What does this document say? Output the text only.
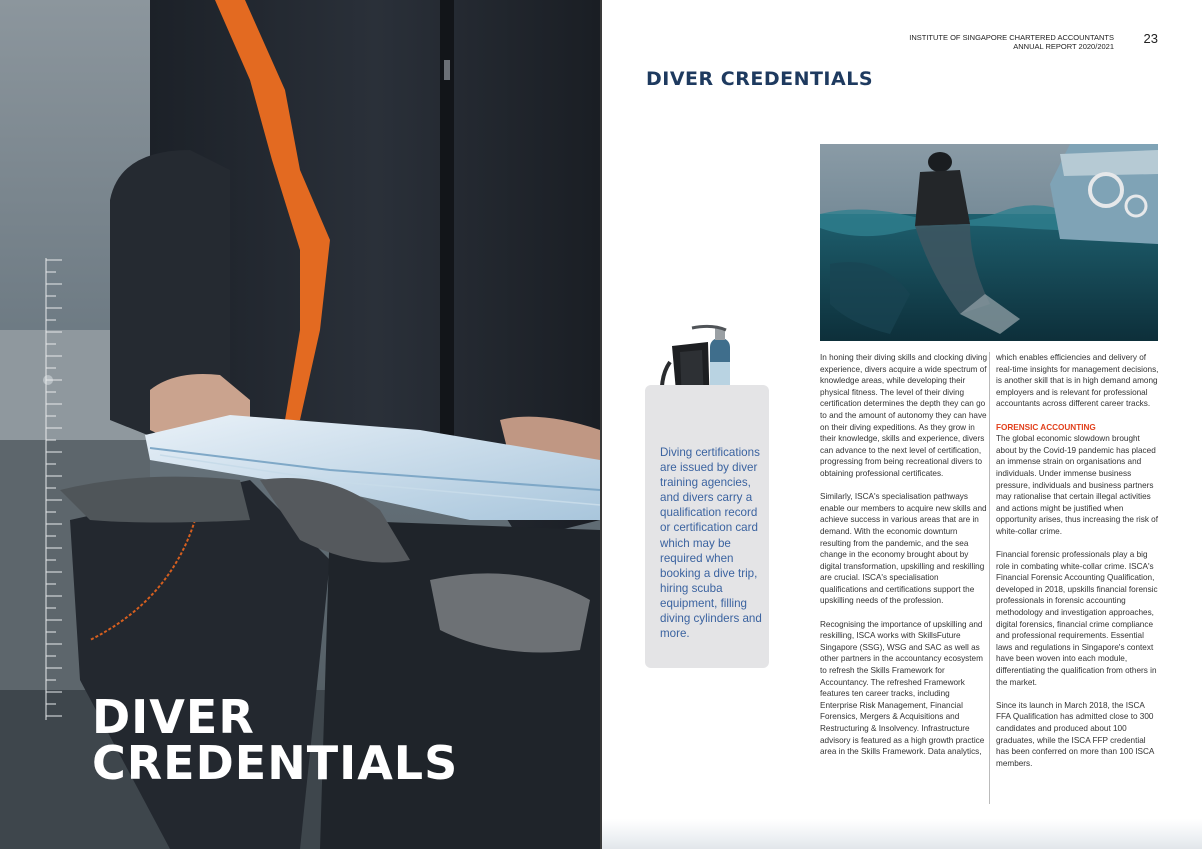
DIVER
CREDENTIALS
INSTITUTE OF SINGAPORE CHARTERED ACCOUNTANTS
ANNUAL REPORT 2020/2021
23
DIVER CREDENTIALS

Diving certifications are issued by diver training agencies, and divers carry a qualification record or certification card which may be required when booking a dive trip, hiring scuba equipment, filling diving cylinders and more.

In honing their diving skills and clocking diving experience, divers acquire a wide spectrum of knowledge areas, while developing their physical fitness. The level of their diving certification determines the depth they can go to and the amount of autonomy they can have on their diving expeditions. As they grow in their knowledge, skills and experience, divers can advance to the next level of certification, progressing from being recreational divers to obtaining professional certificates.

Similarly, ISCA's specialisation pathways enable our members to acquire new skills and achieve success in various areas that are in demand. With the economic downturn resulting from the pandemic, and the sea change in the economy brought about by digital transformation, upskilling and reskilling are crucial. ISCA's specialisation qualifications and certifications support the upskilling needs of the profession.

Recognising the importance of upskilling and reskilling, ISCA works with SkillsFuture Singapore (SSG), WSG and SAC as well as other partners in the accountancy ecosystem to refresh the Skills Framework for Accountancy. The refreshed Framework features ten career tracks, including Enterprise Risk Management, Financial Forensics, Mergers & Acquisitions and Restructuring & Insolvency. Infrastructure advisory is featured as a high growth practice area in the Skills Framework. Data analytics,

which enables efficiencies and delivery of real-time insights for management decisions, is another skill that is in high demand among employers and is relevant for professional accountants across different career tracks.

FORENSIC ACCOUNTING

The global economic slowdown brought about by the Covid-19 pandemic has placed an immense strain on organisations and individuals. Under immense business pressure, individuals and business partners may rationalise that certain illegal activities and actions might be justified when opportunity arises, thus increasing the risk of white-collar crime.

Financial forensic professionals play a big role in combating white-collar crime. ISCA's Financial Forensic Accounting Qualification, developed in 2018, upskills financial forensic professionals in forensic accounting methodology and investigation approaches, digital forensics, financial crime compliance and professional requirements. Essential laws and regulations in Singapore's context have been woven into each module, differentiating the qualification from others in the market.

Since its launch in March 2018, the ISCA FFA Qualification has admitted close to 300 candidates and produced about 100 graduates, while the ISCA FFP credential has been conferred on more than 100 ISCA members.
